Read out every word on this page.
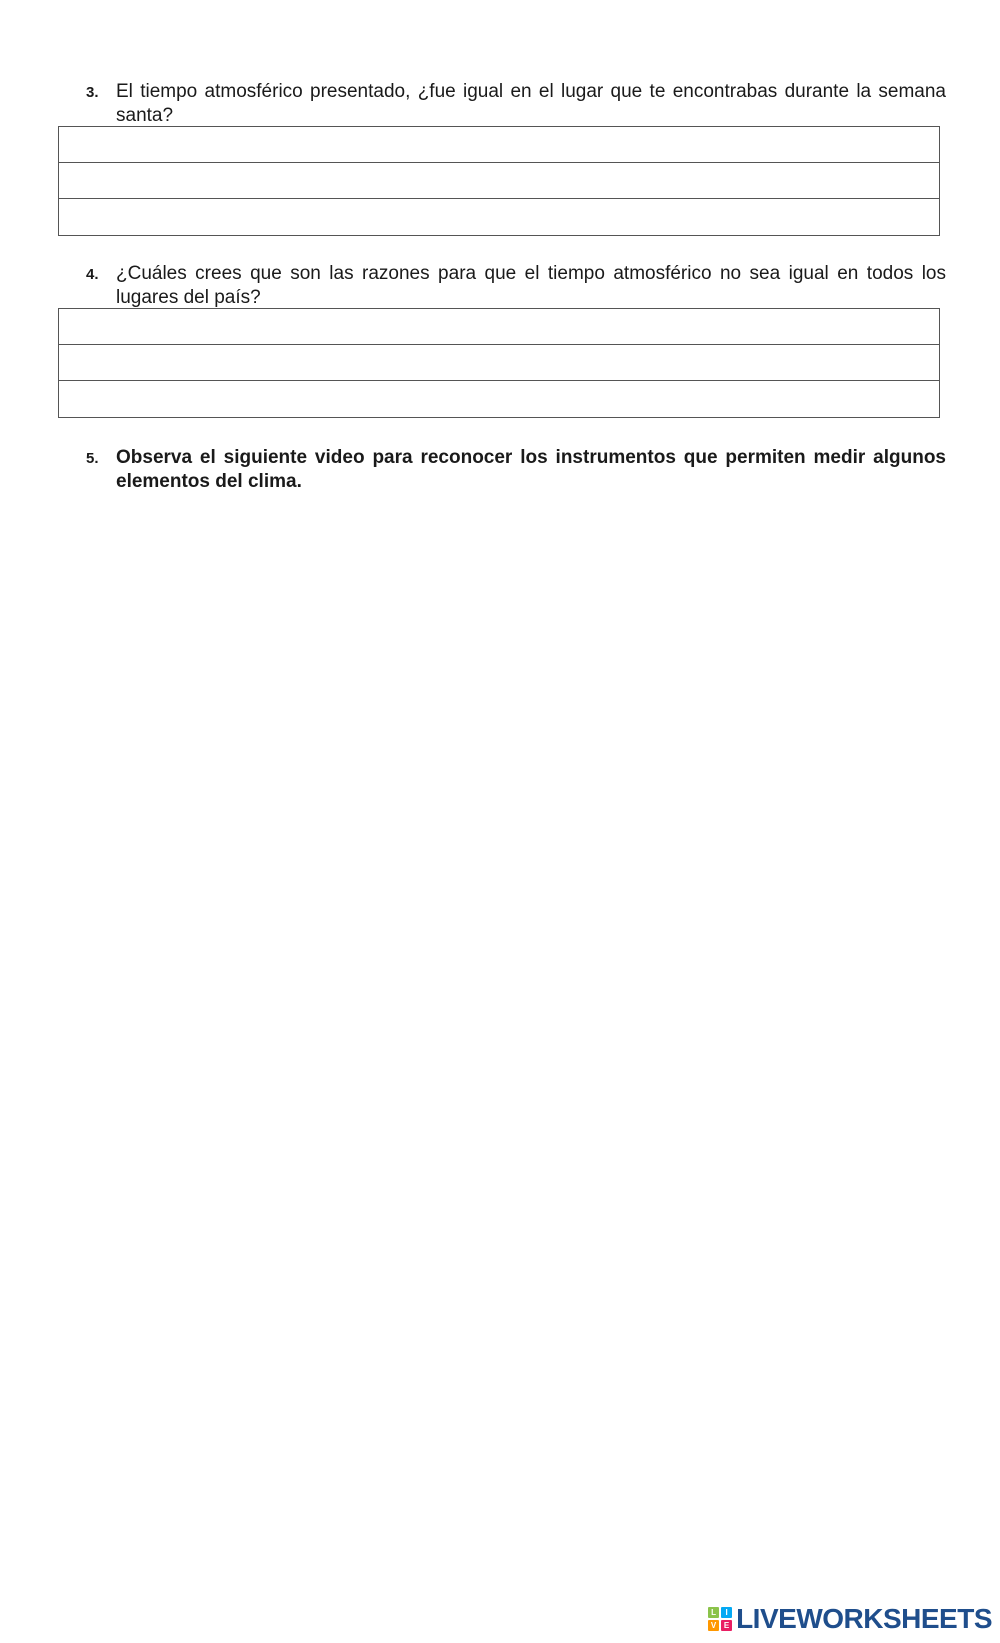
3. El tiempo atmosférico presentado, ¿fue igual en el lugar que te encontrabas durante la semana santa?
4. ¿Cuáles crees que son las razones para que el tiempo atmosférico no sea igual en todos los lugares del país?
5. Observa el siguiente video para reconocer los instrumentos que permiten medir algunos elementos del clima.
L	I
V E LIVEWORKSHEETS
